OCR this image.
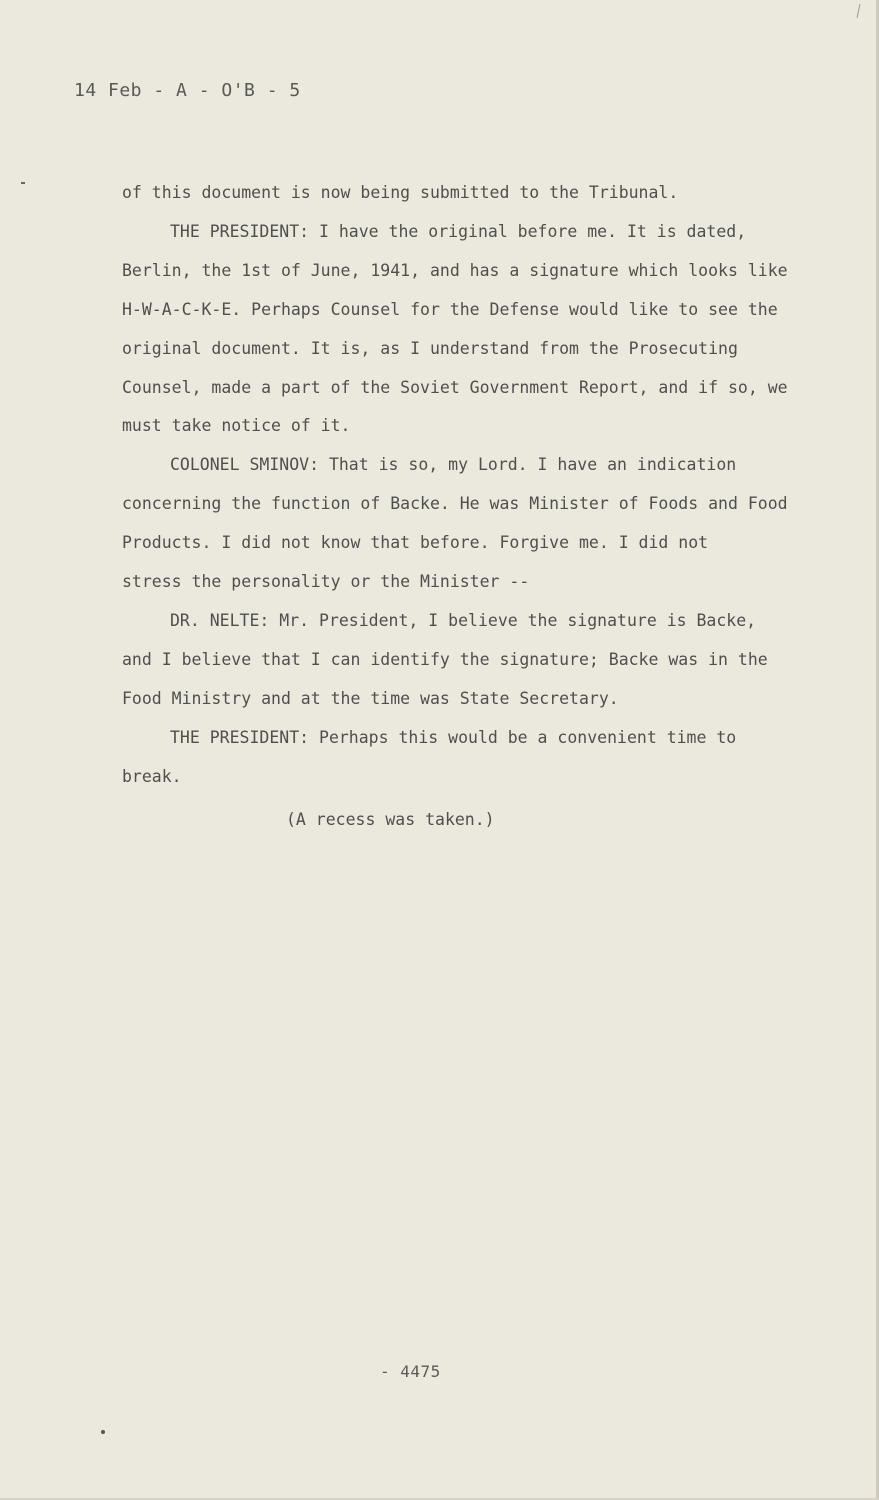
14 Feb - A - O'B - 5

of this document is now being submitted to the Tribunal.

THE PRESIDENT: I have the original before me. It is dated,

Berlin, the 1st of June, 1941, and has a signature which looks like

H-W-A-C-K-E. Perhaps Counsel for the Defense would like to see the

original document. It is, as I understand from the Prosecuting

Counsel, made a part of the Soviet Government Report, and if so, we

must take notice of it.

COLONEL SMINOV: That is so, my Lord. I have an indication

concerning the function of Backe. He was Minister of Foods and Food

Products. I did not know that before. Forgive me. I did not

stress the personality or the Minister --

DR. NELTE: Mr. President, I believe the signature is Backe,

and I believe that I can identify the signature; Backe was in the

Food Ministry and at the time was State Secretary.

THE PRESIDENT: Perhaps this would be a convenient time to

break.

(A recess was taken.)

- 4475
